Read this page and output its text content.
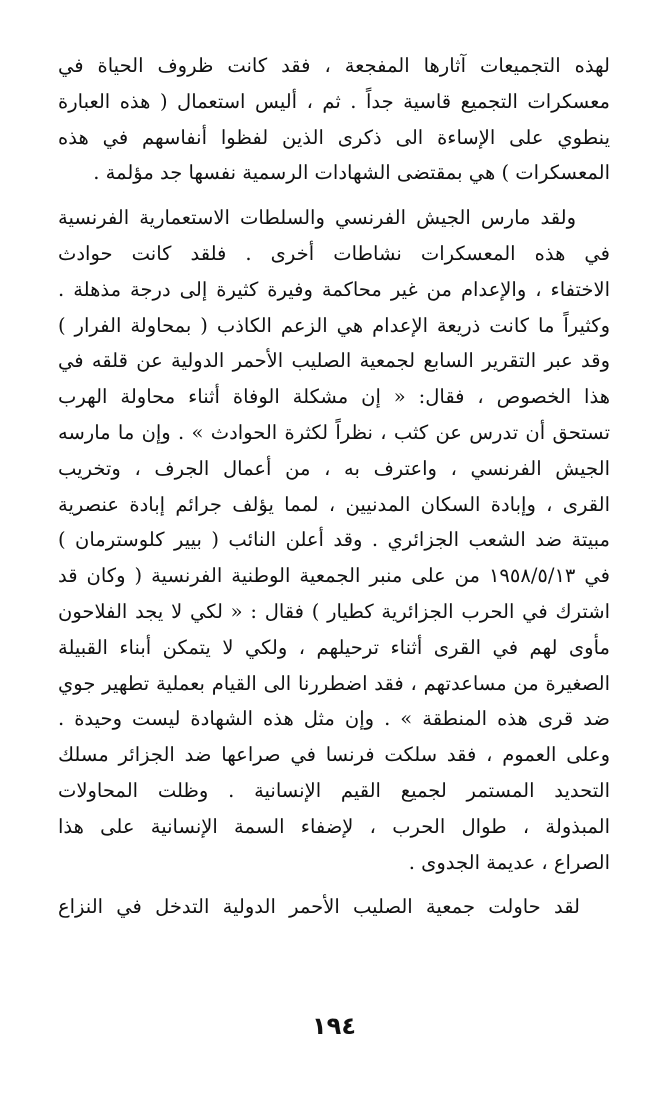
لهذه التجميعات آثارها المفجعة ، فقد كانت ظروف الحياة في
معسكرات التجميع قاسية جداً . ثم ، أليس استعمال ( هذه العبارة
ينطوي على الإساءة الى ذكرى الذين لفظوا أنفاسهم في هذه
المعسكرات ) هي بمقتضى الشهادات الرسمية نفسها جد مؤلمة .
ولقد مارس الجيش الفرنسي والسلطات الاستعمارية الفرنسية
في هذه المعسكرات نشاطات أخرى . فلقد كانت حوادث
الاختفاء ، والإعدام من غير محاكمة وفيرة كثيرة إلى درجة مذهلة .
وكثيراً ما كانت ذريعة الإعدام هي الزعم الكاذب ( بمحاولة الفرار )
وقد عبر التقرير السابع لجمعية الصليب الأحمر الدولية عن قلقه في
هذا الخصوص ، فقال: « إن مشكلة الوفاة أثناء محاولة الهرب
تستحق أن تدرس عن كثب ، نظراً لكثرة الحوادث » . وإن ما مارسه
الجيش الفرنسي ، واعترف به ، من أعمال الجرف ، وتخريب
القرى ، وإبادة السكان المدنيين ، لمما يؤلف جرائم إبادة عنصرية
مبيتة ضد الشعب الجزائري . وقد أعلن النائب ( بيير كلوسترمان )
في ١٩٥٨/٥/١٣ من على منبر الجمعية الوطنية الفرنسية ( وكان قد
اشترك في الحرب الجزائرية كطيار ) فقال : « لكي لا يجد الفلاحون
مأوى لهم في القرى أثناء ترحيلهم ، ولكي لا يتمكن أبناء القبيلة
الصغيرة من مساعدتهم ، فقد اضطررنا الى القيام بعملية تطهير جوي
ضد قرى هذه المنطقة » . وإن مثل هذه الشهادة ليست وحيدة .
وعلى العموم ، فقد سلكت فرنسا في صراعها ضد الجزائر مسلك
التحديد المستمر لجميع القيم الإنسانية . وظلت المحاولات
المبذولة ، طوال الحرب ، لإضفاء السمة الإنسانية على هذا
الصراع ، عديمة الجدوى .
لقد حاولت جمعية الصليب الأحمر الدولية التدخل في النزاع
١٩٤
